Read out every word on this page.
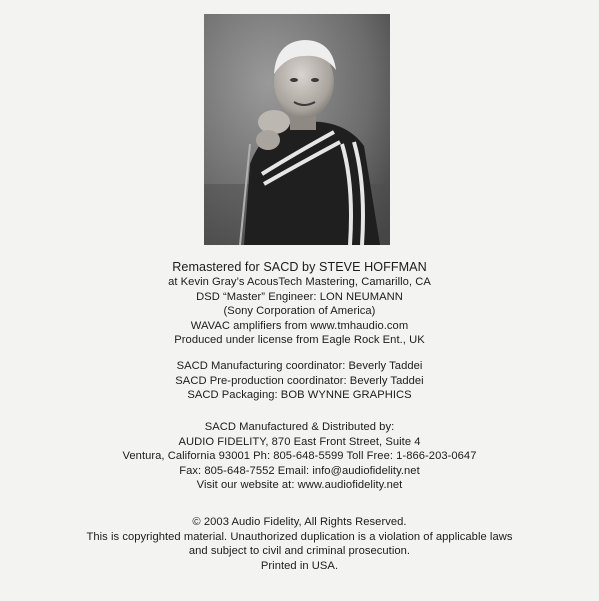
Remastered for SACD by STEVE HOFFMAN
at Kevin Gray’s AcousTech Mastering, Camarillo, CA
DSD “Master” Engineer: LON NEUMANN
(Sony Corporation of America)
WAVAC amplifiers from www.tmhaudio.com
Produced under license from Eagle Rock Ent., UK
SACD Manufacturing coordinator: Beverly Taddei
SACD Pre-production coordinator: Beverly Taddei
SACD Packaging: BOB WYNNE GRAPHICS
SACD Manufactured & Distributed by:
AUDIO FIDELITY, 870 East Front Street, Suite 4
Ventura, California 93001 Ph: 805-648-5599 Toll Free: 1-866-203-0647
Fax: 805-648-7552 Email: info@audiofidelity.net
Visit our website at: www.audiofidelity.net
© 2003 Audio Fidelity, All Rights Reserved.
This is copyrighted material. Unauthorized duplication is a violation of applicable laws
and subject to civil and criminal prosecution.
Printed in USA.
